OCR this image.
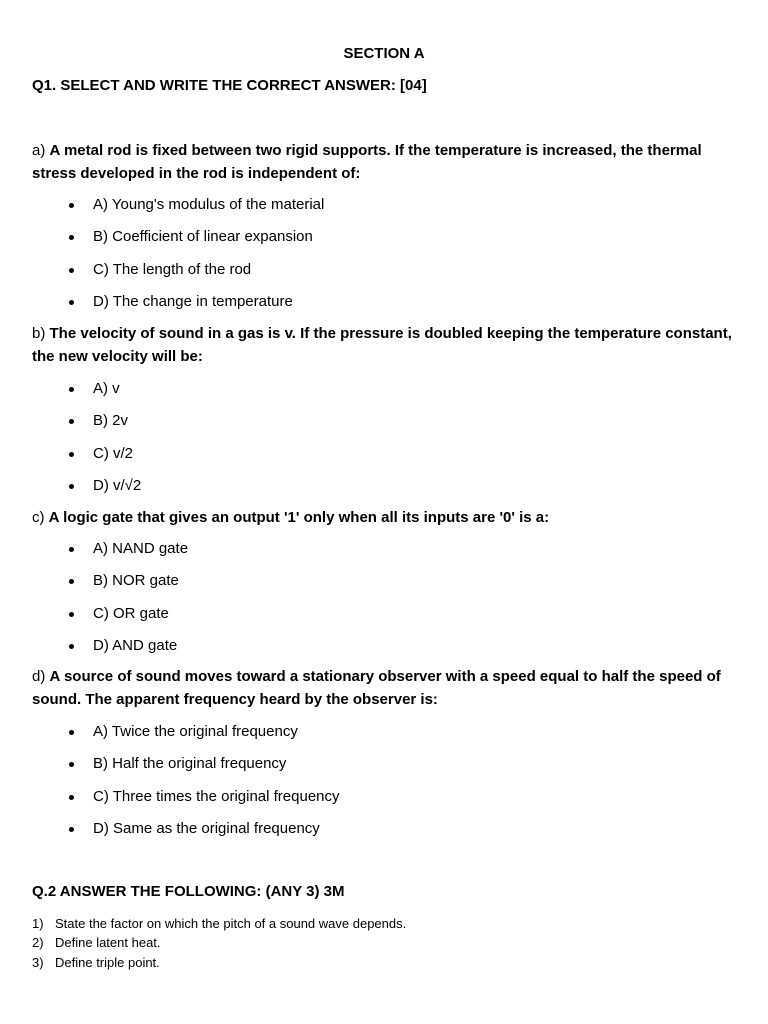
SECTION A

Q1. SELECT AND WRITE THE CORRECT ANSWER: [04]

a) A metal rod is fixed between two rigid supports. If the temperature is increased, the thermal stress developed in the rod is independent of:

A) Young's modulus of the material
B) Coefficient of linear expansion
C) The length of the rod
D) The change in temperature

b) The velocity of sound in a gas is v. If the pressure is doubled keeping the temperature constant, the new velocity will be:

A) v
B) 2v
C) v/2
D) v/√2

c) A logic gate that gives an output '1' only when all its inputs are '0' is a:

A) NAND gate
B) NOR gate
C) OR gate
D) AND gate

d) A source of sound moves toward a stationary observer with a speed equal to half the speed of sound. The apparent frequency heard by the observer is:

A) Twice the original frequency
B) Half the original frequency
C) Three times the original frequency
D) Same as the original frequency

Q.2 ANSWER THE FOLLOWING: (ANY 3) 3M

1) State the factor on which the pitch of a sound wave depends.
2) Define latent heat.
3) Define triple point.
